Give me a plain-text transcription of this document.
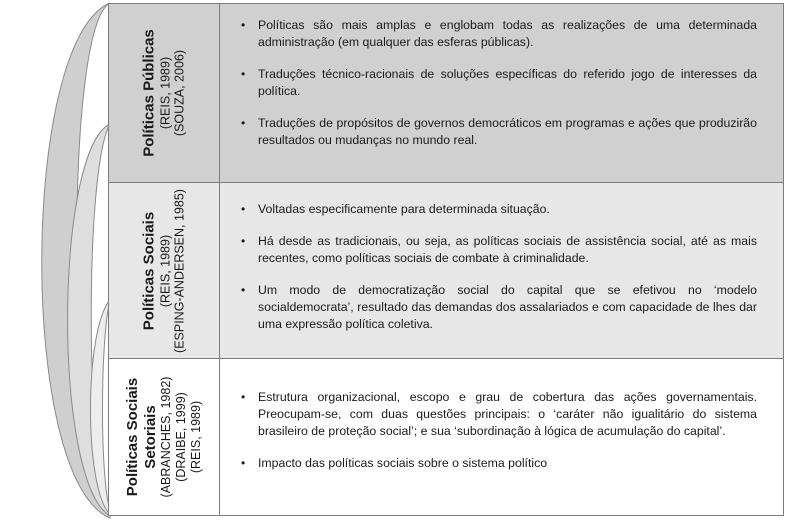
Políticas Públicas (REIS, 1989) (SOUZA, 2006)
• Políticas são mais amplas e englobam todas as realizações de uma determinada administração (em qualquer das esferas públicas).
• Traduções técnico-racionais de soluções específicas do referido jogo de interesses da política.
• Traduções de propósitos de governos democráticos em programas e ações que produzirão resultados ou mudanças no mundo real.
Políticas Sociais (REIS, 1989) (ESPING-ANDERSEN, 1985)
•	Voltadas especificamente para determinada situação.
• Há desde as tradicionais, ou seja, as políticas sociais de assistência social, até as mais recentes, como políticas sociais de combate à criminalidade.
• Um modo de democratização social do capital que se efetivou no ‘modelo socialdemocrata’, resultado das demandas dos assalariados e com capacidade de lhes dar uma expressão política coletiva.
Políticas Sociais Setoriais (ABRANCHES, 1982) (DRAIBE, 1999) (REIS, 1989)
• Estrutura organizacional, escopo e grau de cobertura das ações governamentais. Preocupam-se, com duas questões principais: o ‘caráter não igualitário do sistema brasileiro de proteção social’; e sua ‘subordinação à lógica de acumulação do capital’.
• Impacto das políticas sociais sobre o sistema político
